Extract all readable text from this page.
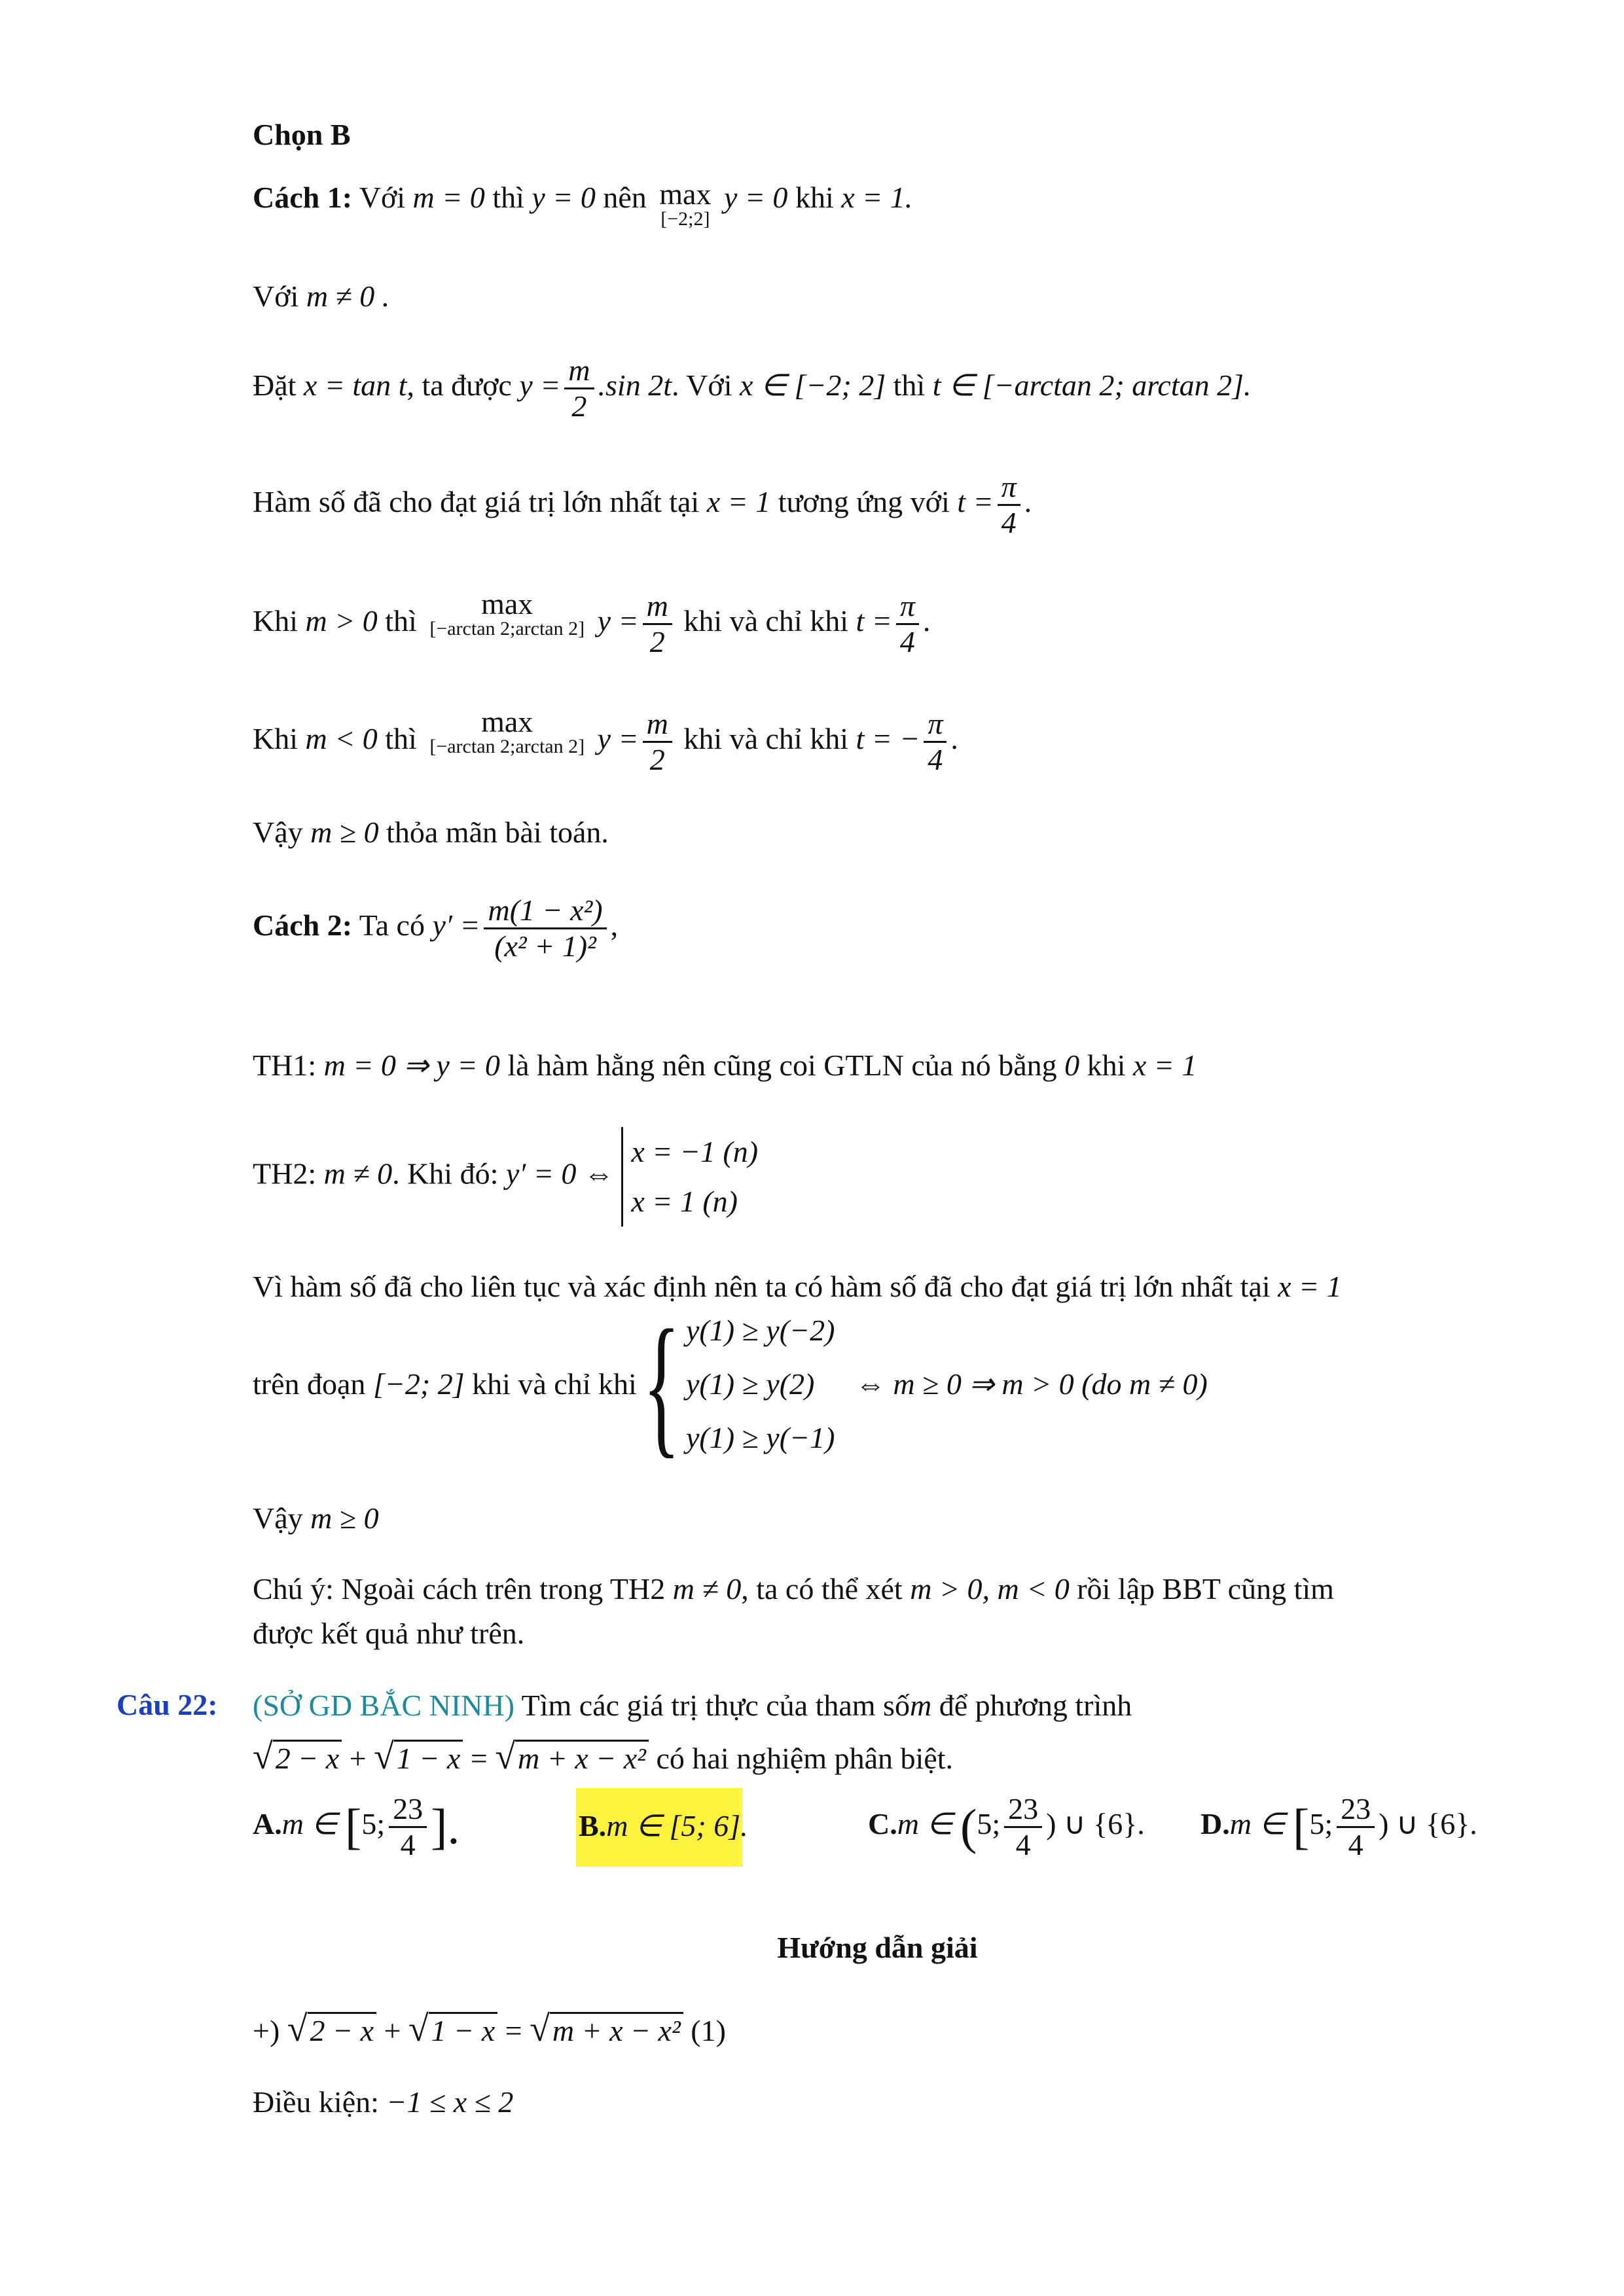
Chọn B
Cách 1: Với m = 0 thì y = 0 nên max
[−2;2]
y = 0 khi x = 1.
Với m ≠ 0 .
Đặt x = tan t, ta được $y = \frac{m}{2} .\sin$ 2t. Với x ∈ [−2; 2] thì t ∈ [−arctan 2; arctan 2].
Hàm số đã cho đạt giá trị lớn nhất tại x = 1 tương ứng với $t = \frac{\pi}{4}$ .
Khi m > 0 thì
max
[−arctan 2;arctan 2] $y = \frac{m}{2}$ khi và chỉ khi $t = \frac{\pi}{4}$ .
Khi m < 0 thì
max
[−arctan 2;arctan 2] $y = \frac{m}{2}$ khi và chỉ khi t = − $\frac{\pi}{4}$ .
Vậy m ≥ 0 thỏa mãn bài toán.
Cách 2: Ta có $y' = \frac{\text{m(1 − x²)}}{\text{(x² + 1)²}}$ ,
TH1: m = 0 ⇒ y = 0 là hàm hằng nên cũng coi GTLN của nó bằng 0 khi x = 1
TH2: m ≠ 0. Khi đó: y′ = 0 ⇔
x = −1 (n)
x = 1 (n)
Vì hàm số đã cho liên tục và xác định nên ta có hàm số đã cho đạt giá trị lớn nhất tại x = 1
trên đoạn [−2; 2] khi và chỉ khi{ y(1) ≥ y(−2)
y(1) ≥ y(2)
y(1) ≥ y(−1)
⇔ m ≥ 0 ⇒ m > 0 (do m ≠ 0)
Vậy m ≥ 0
Chú ý: Ngoài cách trên trong TH2 m ≠ 0, ta có thể xét m > 0, m < 0 rồi lập BBT cũng tìm
được kết quả như trên.
Câu 22: (SỞ GD BẮC NINH) Tìm các giá trị thực của tham sốm để phương trình
√2 − x + √1 − x = √m + x − x² có hai nghiệm phân biệt.
A.m ∈ [5; $\frac{23}{4}$ ].	B.m ∈ [5; 6].	C.m ∈ (5; $\frac{23}{4}$ ) ∪ {6}. D.m ∈ [5; $\frac{23}{4}$ ) ∪ {6}.
Hướng dẫn giải
+) √2 − x + √1 − x = √m + x − x² (1)
Điều kiện: −1 ≤ x ≤ 2
